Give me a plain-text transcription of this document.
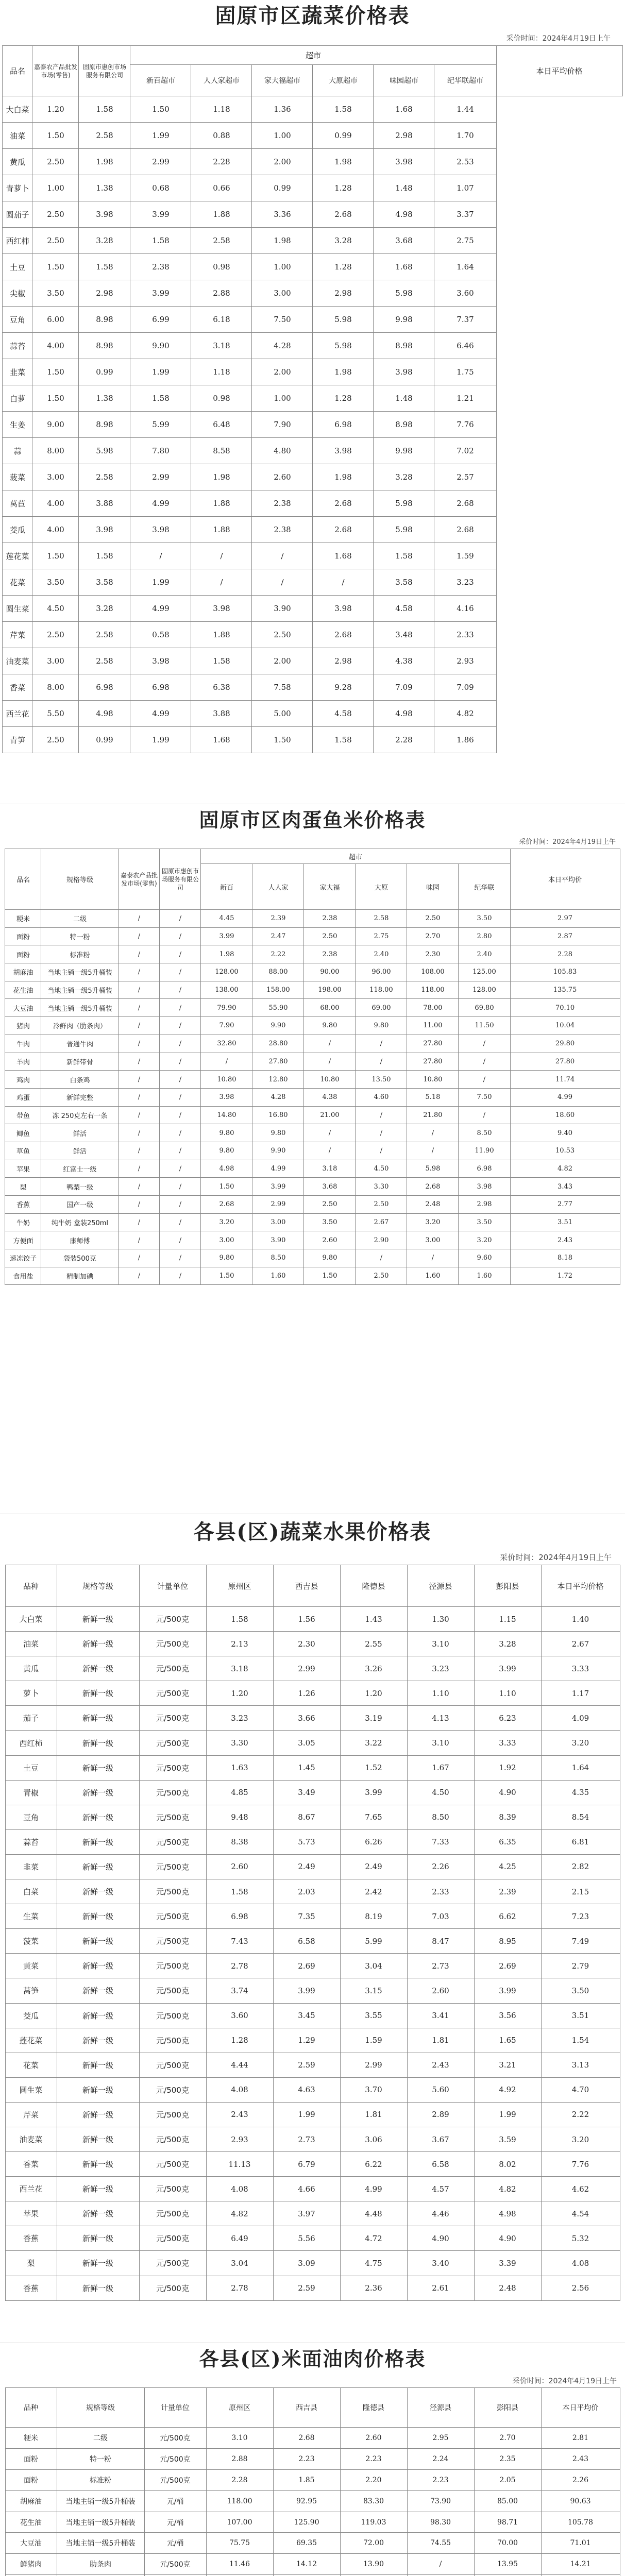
固原市区蔬菜价格表
采价时间：2024年4月19日上午
品名	嘉泰农产品批发市场(零售)	固原市惠创市场服务有限公司	超市						本日平均价格
			新百超市	人人家超市	家大福超市	大原超市	味园超市	纪华联超市	
大白菜	1.20	1.58	1.50	1.18	1.36	1.58	1.68	1.44	
油菜	1.50	2.58	1.99	0.88	1.00	0.99	2.98	1.70	
黄瓜	2.50	1.98	2.99	2.28	2.00	1.98	3.98	2.53	
青萝卜	1.00	1.38	0.68	0.66	0.99	1.28	1.48	1.07	
圆茄子	2.50	3.98	3.99	1.88	3.36	2.68	4.98	3.37	
西红柿	2.50	3.28	1.58	2.58	1.98	3.28	3.68	2.75	
土豆	1.50	1.58	2.38	0.98	1.00	1.28	1.68	1.64	
尖椒	3.50	2.98	3.99	2.88	3.00	2.98	5.98	3.60	
豆角	6.00	8.98	6.99	6.18	7.50	5.98	9.98	7.37	
蒜苔	4.00	8.98	9.90	3.18	4.28	5.98	8.98	6.46	
韭菜	1.50	0.99	1.99	1.18	2.00	1.98	3.98	1.75	
白萝	1.50	1.38	1.58	0.98	1.00	1.28	1.48	1.21	
生姜	9.00	8.98	5.99	6.48	7.90	6.98	8.98	7.76	
蒜	8.00	5.98	7.80	8.58	4.80	3.98	9.98	7.02	
菠菜	3.00	2.58	2.99	1.98	2.60	1.98	3.28	2.57	
莴苣	4.00	3.88	4.99	1.88	2.38	2.68	5.98	2.68	
茭瓜	4.00	3.98	3.98	1.88	2.38	2.68	5.98	2.68	
莲花菜	1.50	1.58	/	/	/	1.68	1.58	1.59	
花菜	3.50	3.58	1.99	/	/	/	3.58	3.23	
圆生菜	4.50	3.28	4.99	3.98	3.90	3.98	4.58	4.16	
芹菜	2.50	2.58	0.58	1.88	2.50	2.68	3.48	2.33	
油麦菜	3.00	2.58	3.98	1.58	2.00	2.98	4.38	2.93	
香菜	8.00	6.98	6.98	6.38	7.58	9.28	7.09	7.09	
西兰花	5.50	4.98	4.99	3.88	5.00	4.58	4.98	4.82	
青笋	2.50	0.99	1.99	1.68	1.50	1.58	2.28	1.86	
固原市区肉蛋鱼米价格表
采价时间：2024年4月19日上午
品名	规格等级	嘉泰农产品批发市场(零售)	固原市惠创市场服务有限公司	超市						本日平均价
				新百	人人家	家大福	大原	味园	纪华联	
粳米	二级	/	/	4.45	2.39	2.38	2.58	2.50	3.50	2.97
面粉	特一粉	/	/	3.99	2.47	2.50	2.75	2.70	2.80	2.87
面粉	标准粉	/	/	1.98	2.22	2.38	2.40	2.30	2.40	2.28
胡麻油	当地主销一级5升桶装	/	/	128.00	88.00	90.00	96.00	108.00	125.00	105.83
花生油	当地主销一级5升桶装	/	/	138.00	158.00	198.00	118.00	118.00	128.00	135.75
大豆油	当地主销一级5升桶装	/	/	79.90	55.90	68.00	69.00	78.00	69.80	70.10
猪肉	冷鲜肉（肋条肉）	/	/	7.90	9.90	9.80	9.80	11.00	11.50	10.04
牛肉	普通牛肉	/	/	32.80	28.80	/	/	27.80	/	29.80
羊肉	新鲜带骨	/	/	/	27.80	/	/	27.80	/	27.80
鸡肉	白条鸡	/	/	10.80	12.80	10.80	13.50	10.80	/	11.74
鸡蛋	新鲜完整	/	/	3.98	4.28	4.38	4.60	5.18	7.50	4.99
带鱼	冻 250克左右一条	/	/	14.80	16.80	21.00	/	21.80	/	18.60
鲫鱼	鲜活	/	/	9.80	9.80	/	/	/	8.50	9.40
草鱼	鲜活	/	/	9.80	9.90	/	/	/	11.90	10.53
苹果	红富士一级	/	/	4.98	4.99	3.18	4.50	5.98	6.98	4.82
梨	鸭梨一级	/	/	1.50	3.99	3.68	3.30	2.68	3.98	3.43
香蕉	国产一级	/	/	2.68	2.99	2.50	2.50	2.48	2.98	2.77
牛奶	纯牛奶 盒装250ml	/	/	3.20	3.00	3.50	2.67	3.20	3.50	3.51
方便面	康师傅	/	/	3.00	3.90	2.60	2.90	3.00	3.20	2.43
速冻饺子	袋装500克	/	/	9.80	8.50	9.80	/	/	9.60	8.18
食用盐	精制加碘	/	/	1.50	1.60	1.50	2.50	1.60	1.60	1.72
各县(区)蔬菜水果价格表
采价时间：2024年4月19日上午
品种	规格等级	计量单位	原州区	西吉县	隆德县	泾源县	彭阳县	本日平均价格
大白菜	新鲜一级	元/500克	1.58	1.56	1.43	1.30	1.15	1.40
油菜	新鲜一级	元/500克	2.13	2.30	2.55	3.10	3.28	2.67
黄瓜	新鲜一级	元/500克	3.18	2.99	3.26	3.23	3.99	3.33
萝卜	新鲜一级	元/500克	1.20	1.26	1.20	1.10	1.10	1.17
茄子	新鲜一级	元/500克	3.23	3.66	3.19	4.13	6.23	4.09
西红柿	新鲜一级	元/500克	3.30	3.05	3.22	3.10	3.33	3.20
土豆	新鲜一级	元/500克	1.63	1.45	1.52	1.67	1.92	1.64
青椒	新鲜一级	元/500克	4.85	3.49	3.99	4.50	4.90	4.35
豆角	新鲜一级	元/500克	9.48	8.67	7.65	8.50	8.39	8.54
蒜苔	新鲜一级	元/500克	8.38	5.73	6.26	7.33	6.35	6.81
韭菜	新鲜一级	元/500克	2.60	2.49	2.49	2.26	4.25	2.82
白菜	新鲜一级	元/500克	1.58	2.03	2.42	2.33	2.39	2.15
生菜	新鲜一级	元/500克	6.98	7.35	8.19	7.03	6.62	7.23
菠菜	新鲜一级	元/500克	7.43	6.58	5.99	8.47	8.95	7.49
黄菜	新鲜一级	元/500克	2.78	2.69	3.04	2.73	2.69	2.79
莴笋	新鲜一级	元/500克	3.74	3.99	3.15	2.60	3.99	3.50
茭瓜	新鲜一级	元/500克	3.60	3.45	3.55	3.41	3.56	3.51
莲花菜	新鲜一级	元/500克	1.28	1.29	1.59	1.81	1.65	1.54
花菜	新鲜一级	元/500克	4.44	2.59	2.99	2.43	3.21	3.13
圆生菜	新鲜一级	元/500克	4.08	4.63	3.70	5.60	4.92	4.70
芹菜	新鲜一级	元/500克	2.43	1.99	1.81	2.89	1.99	2.22
油麦菜	新鲜一级	元/500克	2.93	2.73	3.06	3.67	3.59	3.20
香菜	新鲜一级	元/500克	11.13	6.79	6.22	6.58	8.02	7.76
西兰花	新鲜一级	元/500克	4.08	4.66	4.99	4.57	4.82	4.62
苹果	新鲜一级	元/500克	4.82	3.97	4.48	4.46	4.98	4.54
香蕉	新鲜一级	元/500克	6.49	5.56	4.72	4.90	4.90	5.32
梨	新鲜一级	元/500克	3.04	3.09	4.75	3.40	3.39	4.08
香蕉	新鲜一级	元/500克	2.78	2.59	2.36	2.61	2.48	2.56
各县(区)米面油肉价格表
采价时间：2024年4月19日上午
品种	规格等级	计量单位	原州区	西吉县	隆德县	泾源县	彭阳县	本日平均价
粳米	二级	元/500克	3.10	2.68	2.60	2.95	2.70	2.81
面粉	特一粉	元/500克	2.88	2.23	2.23	2.24	2.35	2.43
面粉	标准粉	元/500克	2.28	1.85	2.20	2.23	2.05	2.26
胡麻油	当地主销一级5升桶装	元/桶	118.00	92.95	83.30	73.90	85.00	90.63
花生油	当地主销一级5升桶装	元/桶	107.00	125.90	119.03	98.30	98.71	105.78
大豆油	当地主销一级5升桶装	元/桶	75.75	69.35	72.00	74.55	70.00	71.01
鲜猪肉	肋条肉	元/500克	11.46	14.12	13.90	/	13.95	14.21
